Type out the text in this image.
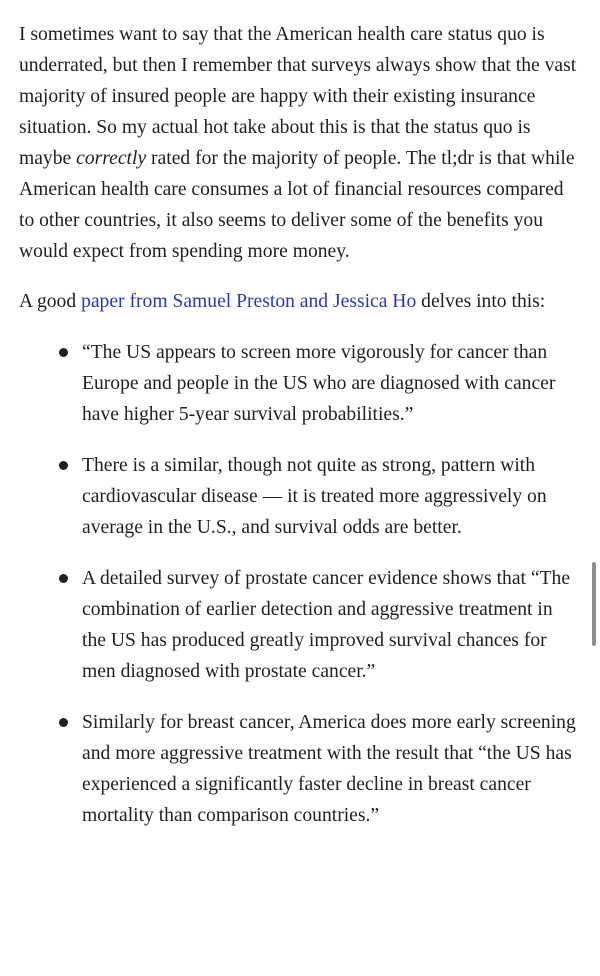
I sometimes want to say that the American health care status quo is underrated, but then I remember that surveys always show that the vast majority of insured people are happy with their existing insurance situation. So my actual hot take about this is that the status quo is maybe correctly rated for the majority of people. The tl;dr is that while American health care consumes a lot of financial resources compared to other countries, it also seems to deliver some of the benefits you would expect from spending more money.

A good paper from Samuel Preston and Jessica Ho delves into this:

“The US appears to screen more vigorously for cancer than Europe and people in the US who are diagnosed with cancer have higher 5-year survival probabilities.”
There is a similar, though not quite as strong, pattern with cardiovascular disease — it is treated more aggressively on average in the U.S., and survival odds are better.
A detailed survey of prostate cancer evidence shows that “The combination of earlier detection and aggressive treatment in the US has produced greatly improved survival chances for men diagnosed with prostate cancer.”
Similarly for breast cancer, America does more early screening and more aggressive treatment with the result that “the US has experienced a significantly faster decline in breast cancer mortality than comparison countries.”
